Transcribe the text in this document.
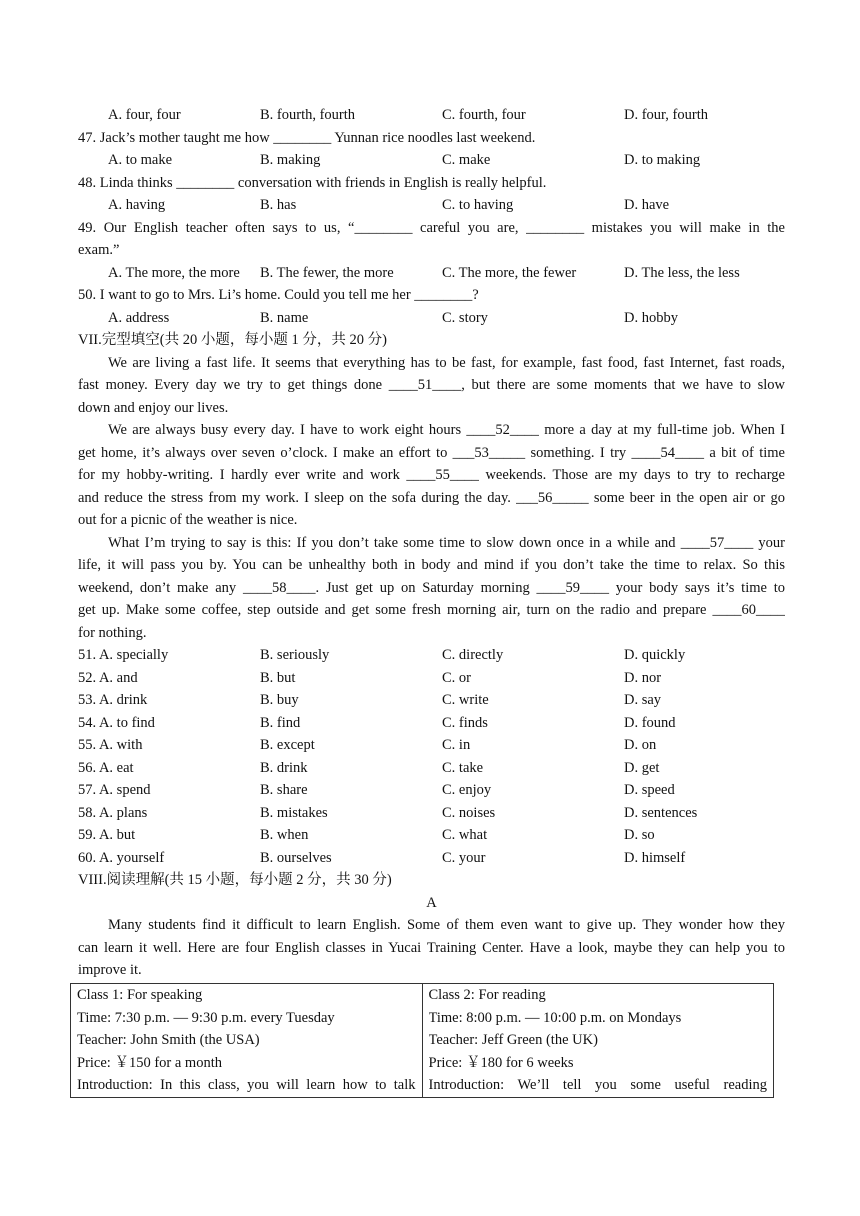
A. four, four	B. fourth, fourth	C. fourth, four	D. four, fourth
47. Jack’s mother taught me how ________ Yunnan rice noodles last weekend.
A. to make	B. making	C. make	D. to making
48. Linda thinks ________ conversation with friends in English is really helpful.
A. having	B. has	C. to having	D. have
49. Our English teacher often says to us, “________ careful you are, ________ mistakes you will make in the
exam.”
A. The more, the more B. The fewer, the more	C. The more, the fewer	D. The less, the less
50. I want to go to Mrs. Li’s home. Could you tell me her ________?
A. address	B. name	C. story	D. hobby
VII.完型填空(共 20 小题，每小题 1 分，共 20 分)
We are living a fast life. It seems that everything has to be fast, for example, fast food, fast Internet, fast roads,
fast money. Every day we try to get things done ____51____, but there are some moments that we have to slow
down and enjoy our lives.
We are always busy every day. I have to work eight hours ____52____ more a day at my full-time job. When I
get home, it’s always over seven o’clock. I make an effort to ___53_____ something. I try ____54____ a bit of time
for my hobby-writing. I hardly ever write and work ____55____ weekends. Those are my days to try to recharge
and reduce the stress from my work. I sleep on the sofa during the day. ___56_____ some beer in the open air or go
out for a picnic of the weather is nice.
What I’m trying to say is this: If you don’t take some time to slow down once in a while and ____57____ your
life, it will pass you by. You can be unhealthy both in body and mind if you don’t take the time to relax. So this
weekend, don’t make any ____58____. Just get up on Saturday morning ____59____ your body says it’s time to
get up. Make some coffee, step outside and get some fresh morning air, turn on the radio and prepare ____60____
for nothing.
51. A. specially	B. seriously	C. directly	D. quickly
52. A. and	B. but	C. or	D. nor
53. A. drink	B. buy	C. write	D. say
54. A. to find	B. find	C. finds	D. found
55. A. with	B. except	C. in	D. on
56. A. eat	B. drink	C. take	D. get
57. A. spend	B. share	C. enjoy	D. speed
58. A. plans	B. mistakes	C. noises	D. sentences
59. A. but	B. when	C. what	D. so
60. A. yourself	B. ourselves	C. your	D. himself
VIII.阅读理解(共 15 小题，每小题 2 分，共 30 分)
A
Many students find it difficult to learn English. Some of them even want to give up. They wonder how they
can learn it well. Here are four English classes in Yucai Training Center. Have a look, maybe they can help you to
improve it.
Class 1: For speaking
Time: 7:30 p.m. — 9:30 p.m. every Tuesday
Teacher: John Smith (the USA)
Price: ￥150 for a month
Introduction: In this class, you will learn how to talk

Class 2: For reading
Time: 8:00 p.m. — 10:00 p.m. on Mondays
Teacher: Jeff Green (the UK)
Price: ￥180 for 6 weeks
Introduction: We’ll tell you some useful reading
